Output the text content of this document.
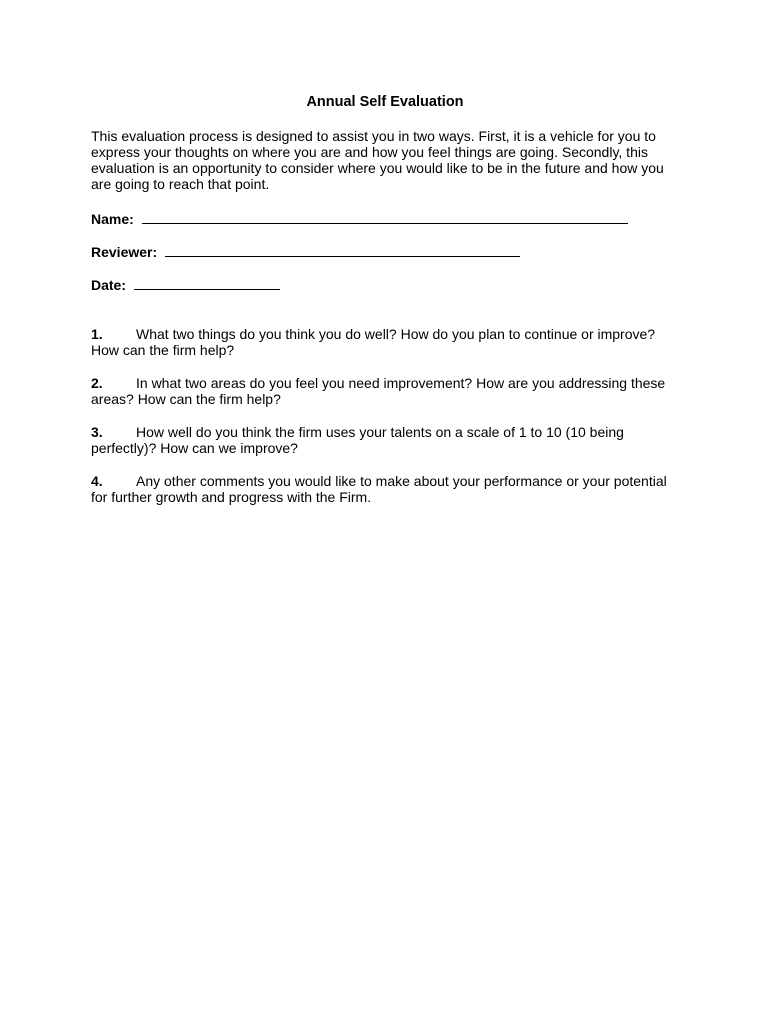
Annual Self Evaluation

This evaluation process is designed to assist you in two ways. First, it is a vehicle for you to express your thoughts on where you are and how you feel things are going. Secondly, this evaluation is an opportunity to consider where you would like to be in the future and how you are going to reach that point.

Name:
Reviewer:
Date:

1. What two things do you think you do well? How do you plan to continue or improve? How can the firm help?

2. In what two areas do you feel you need improvement? How are you addressing these areas? How can the firm help?

3. How well do you think the firm uses your talents on a scale of 1 to 10 (10 being perfectly)? How can we improve?

4. Any other comments you would like to make about your performance or your potential for further growth and progress with the Firm.
